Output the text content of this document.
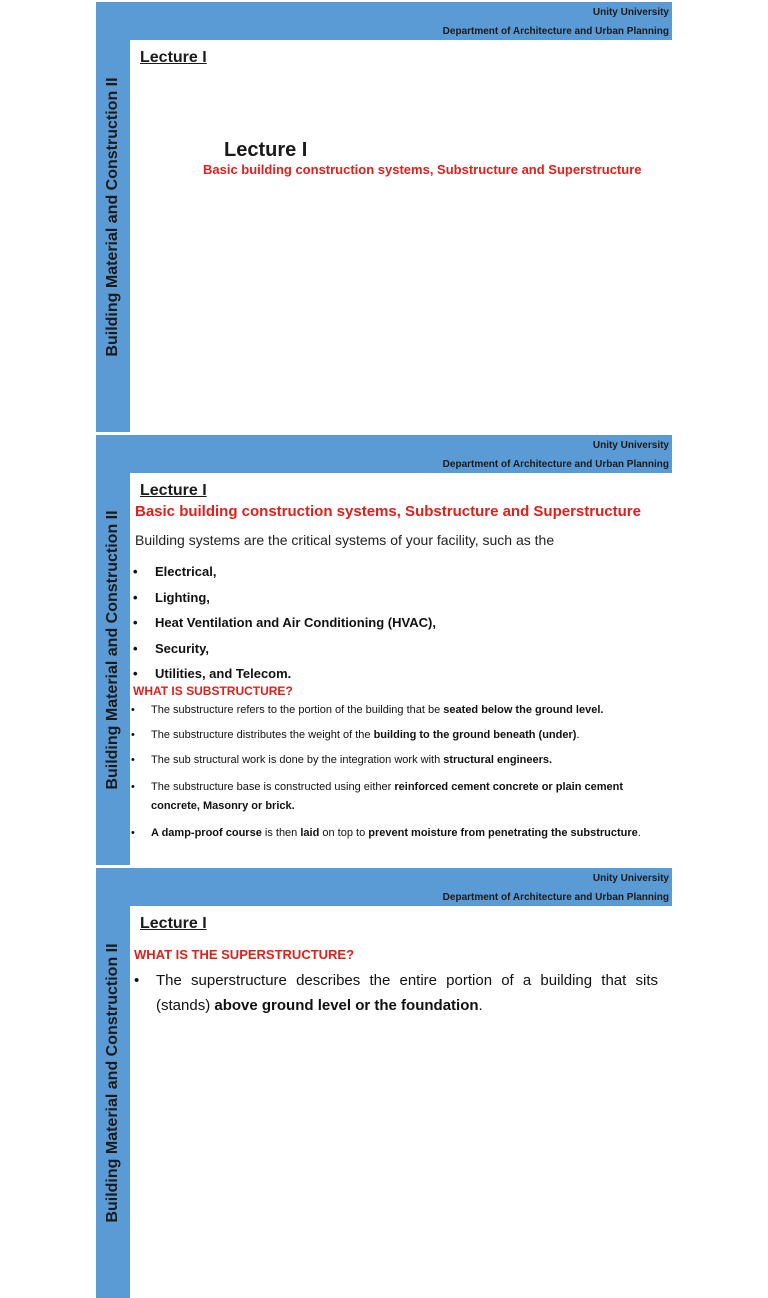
Building Material and Construction II
Unity University
Department of Architecture and Urban Planning
Lecture I
Lecture I
Basic building construction systems, Substructure and Superstructure
Building Material and Construction II
Unity University
Department of Architecture and Urban Planning
Lecture I
Basic building construction systems, Substructure and Superstructure
Building systems are the critical systems of your facility, such as the
• Electrical,
• Lighting,
• Heat Ventilation and Air Conditioning (HVAC),
• Security,
• Utilities, and Telecom.
WHAT IS SUBSTRUCTURE?
• The substructure refers to the portion of the building that be seated below the ground level.
• The substructure distributes the weight of the building to the ground beneath (under).
• The sub structural work is done by the integration work with structural engineers.
• The substructure base is constructed using either reinforced cement concrete or plain cement concrete, Masonry or brick.
• A damp-proof course is then laid on top to prevent moisture from penetrating the substructure.
Building Material and Construction II
Unity University
Department of Architecture and Urban Planning
Lecture I
WHAT IS THE SUPERSTRUCTURE?
• The superstructure describes the entire portion of a building that sits (stands) above ground level or the foundation.
